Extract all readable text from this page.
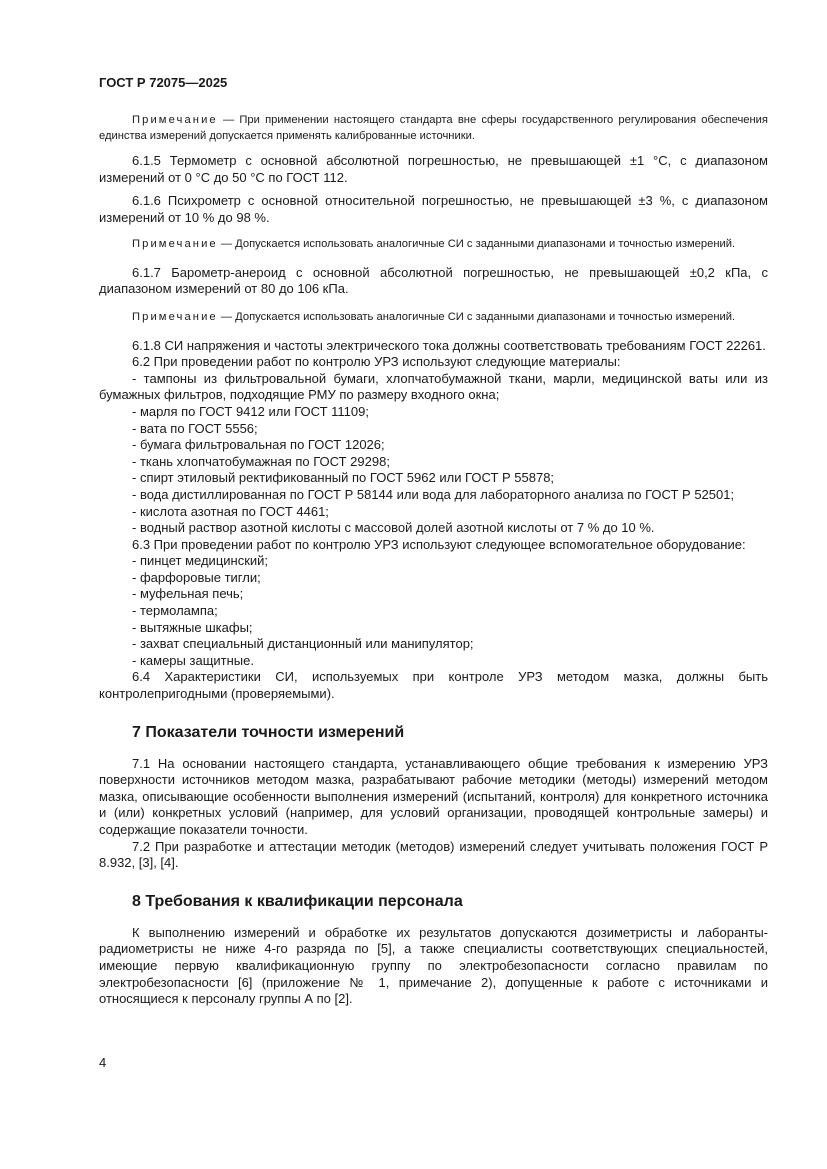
ГОСТ Р 72075—2025

Примечание — При применении настоящего стандарта вне сферы государственного регулирования обеспечения единства измерений допускается применять калиброванные источники.

6.1.5 Термометр с основной абсолютной погрешностью, не превышающей ±1 °С, с диапазоном измерений от 0 °С до 50 °С по ГОСТ 112.

6.1.6 Психрометр с основной относительной погрешностью, не превышающей ±3 %, с диапазоном измерений от 10 % до 98 %.

Примечание — Допускается использовать аналогичные СИ с заданными диапазонами и точностью измерений.

6.1.7 Барометр-анероид с основной абсолютной погрешностью, не превышающей ±0,2 кПа, с диапазоном измерений от 80 до 106 кПа.

Примечание — Допускается использовать аналогичные СИ с заданными диапазонами и точностью измерений.

6.1.8 СИ напряжения и частоты электрического тока должны соответствовать требованиям ГОСТ 22261.

6.2 При проведении работ по контролю УРЗ используют следующие материалы:

- тампоны из фильтровальной бумаги, хлопчатобумажной ткани, марли, медицинской ваты или из бумажных фильтров, подходящие РМУ по размеру входного окна;

- марля по ГОСТ 9412 или ГОСТ 11109;
- вата по ГОСТ 5556;
- бумага фильтровальная по ГОСТ 12026;
- ткань хлопчатобумажная по ГОСТ 29298;
- спирт этиловый ректификованный по ГОСТ 5962 или ГОСТ Р 55878;
- вода дистиллированная по ГОСТ Р 58144 или вода для лабораторного анализа по ГОСТ Р 52501;
- кислота азотная по ГОСТ 4461;
- водный раствор азотной кислоты с массовой долей азотной кислоты от 7 % до 10 %.

6.3 При проведении работ по контролю УРЗ используют следующее вспомогательное оборудование:

- пинцет медицинский;
- фарфоровые тигли;
- муфельная печь;
- термолампа;
- вытяжные шкафы;
- захват специальный дистанционный или манипулятор;
- камеры защитные.

6.4 Характеристики СИ, используемых при контроле УРЗ методом мазка, должны быть контролепригодными (проверяемыми).

7 Показатели точности измерений

7.1 На основании настоящего стандарта, устанавливающего общие требования к измерению УРЗ поверхности источников методом мазка, разрабатывают рабочие методики (методы) измерений методом мазка, описывающие особенности выполнения измерений (испытаний, контроля) для конкретного источника и (или) конкретных условий (например, для условий организации, проводящей контрольные замеры) и содержащие показатели точности.

7.2 При разработке и аттестации методик (методов) измерений следует учитывать положения ГОСТ Р 8.932, [3], [4].

8 Требования к квалификации персонала

К выполнению измерений и обработке их результатов допускаются дозиметристы и лаборанты-радиометристы не ниже 4-го разряда по [5], а также специалисты соответствующих специальностей, имеющие первую квалификационную группу по электробезопасности согласно правилам по электробезопасности [6] (приложение № 1, примечание 2), допущенные к работе с источниками и относящиеся к персоналу группы А по [2].

4
